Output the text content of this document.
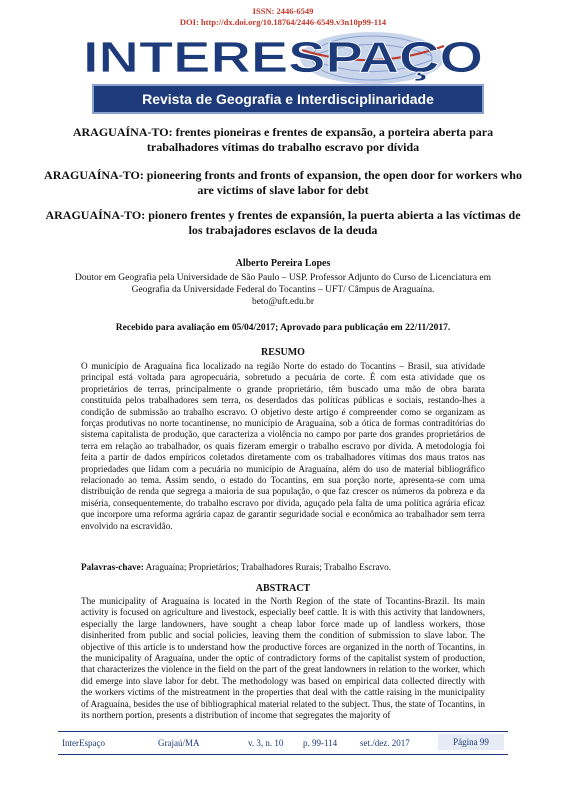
ISSN: 2446-6549
DOI: http://dx.doi.org/10.18764/2446-6549.v3n10p99-114
INTERESPAÇO
Revista de Geografia e Interdisciplinaridade
ARAGUAÍNA-TO: frentes pioneiras e frentes de expansão, a porteira aberta para trabalhadores vítimas do trabalho escravo por dívida
ARAGUAÍNA-TO: pioneering fronts and fronts of expansion, the open door for workers who are victims of slave labor for debt
ARAGUAÍNA-TO: pionero frentes y frentes de expansión, la puerta abierta a las víctimas de los trabajadores esclavos de la deuda
Alberto Pereira Lopes
Doutor em Geografia pela Universidade de São Paulo – USP. Professor Adjunto do Curso de Licenciatura em Geografia da Universidade Federal do Tocantins – UFT/ Câmpus de Araguaína.
beto@uft.edu.br
Recebido para avaliação em 05/04/2017; Aprovado para publicação em 22/11/2017.
RESUMO

O município de Araguaína fica localizado na região Norte do estado do Tocantins – Brasil, sua atividade principal está voltada para agropecuária, sobretudo a pecuária de corte. É com esta atividade que os proprietários de terras, principalmente o grande proprietário, têm buscado uma mão de obra barata constituída pelos trabalhadores sem terra, os deserdados das políticas públicas e sociais, restando-lhes a condição de submissão ao trabalho escravo. O objetivo deste artigo é compreender como se organizam as forças produtivas no norte tocantinense, no município de Araguaína, sob a ótica de formas contraditórias do sistema capitalista de produção, que caracteriza a violência no campo por parte dos grandes proprietários de terra em relação ao trabalhador, os quais fizeram emergir o trabalho escravo por dívida. A metodologia foi feita a partir de dados empíricos coletados diretamente com os trabalhadores vítimas dos maus tratos nas propriedades que lidam com a pecuária no município de Araguaína, além do uso de material bibliográfico relacionado ao tema. Assim sendo, o estado do Tocantins, em sua porção norte, apresenta-se com uma distribuição de renda que segrega a maioria de sua população, o que faz crescer os números da pobreza e da miséria, consequentemente, do trabalho escravo por dívida, aguçado pela falta de uma política agrária eficaz que incorpore uma reforma agrária capaz de garantir seguridade social e econômica ao trabalhador sem terra envolvido na escravidão.

Palavras-chave: Araguaína; Proprietários; Trabalhadores Rurais; Trabalho Escravo.
ABSTRACT

The municipality of Araguaína is located in the North Region of the state of Tocantins-Brazil. Its main activity is focused on agriculture and livestock, especially beef cattle. It is with this activity that landowners, especially the large landowners, have sought a cheap labor force made up of landless workers, those disinherited from public and social policies, leaving them the condition of submission to slave labor. The objective of this article is to understand how the productive forces are organized in the north of Tocantins, in the municipality of Araguaína, under the optic of contradictory forms of the capitalist system of production, that characterizes the violence in the field on the part of the great landowners in relation to the worker, which did emerge into slave labor for debt. The methodology was based on empirical data collected directly with the workers victims of the mistreatment in the properties that deal with the cattle raising in the municipality of Araguaína, besides the use of bibliographical material related to the subject. Thus, the state of Tocantins, in its northern portion, presents a distribution of income that segregates the majority of

InterEspaço	Grajaú/MA	v. 3, n. 10 p. 99-114	set./dez. 2017	Página 99
